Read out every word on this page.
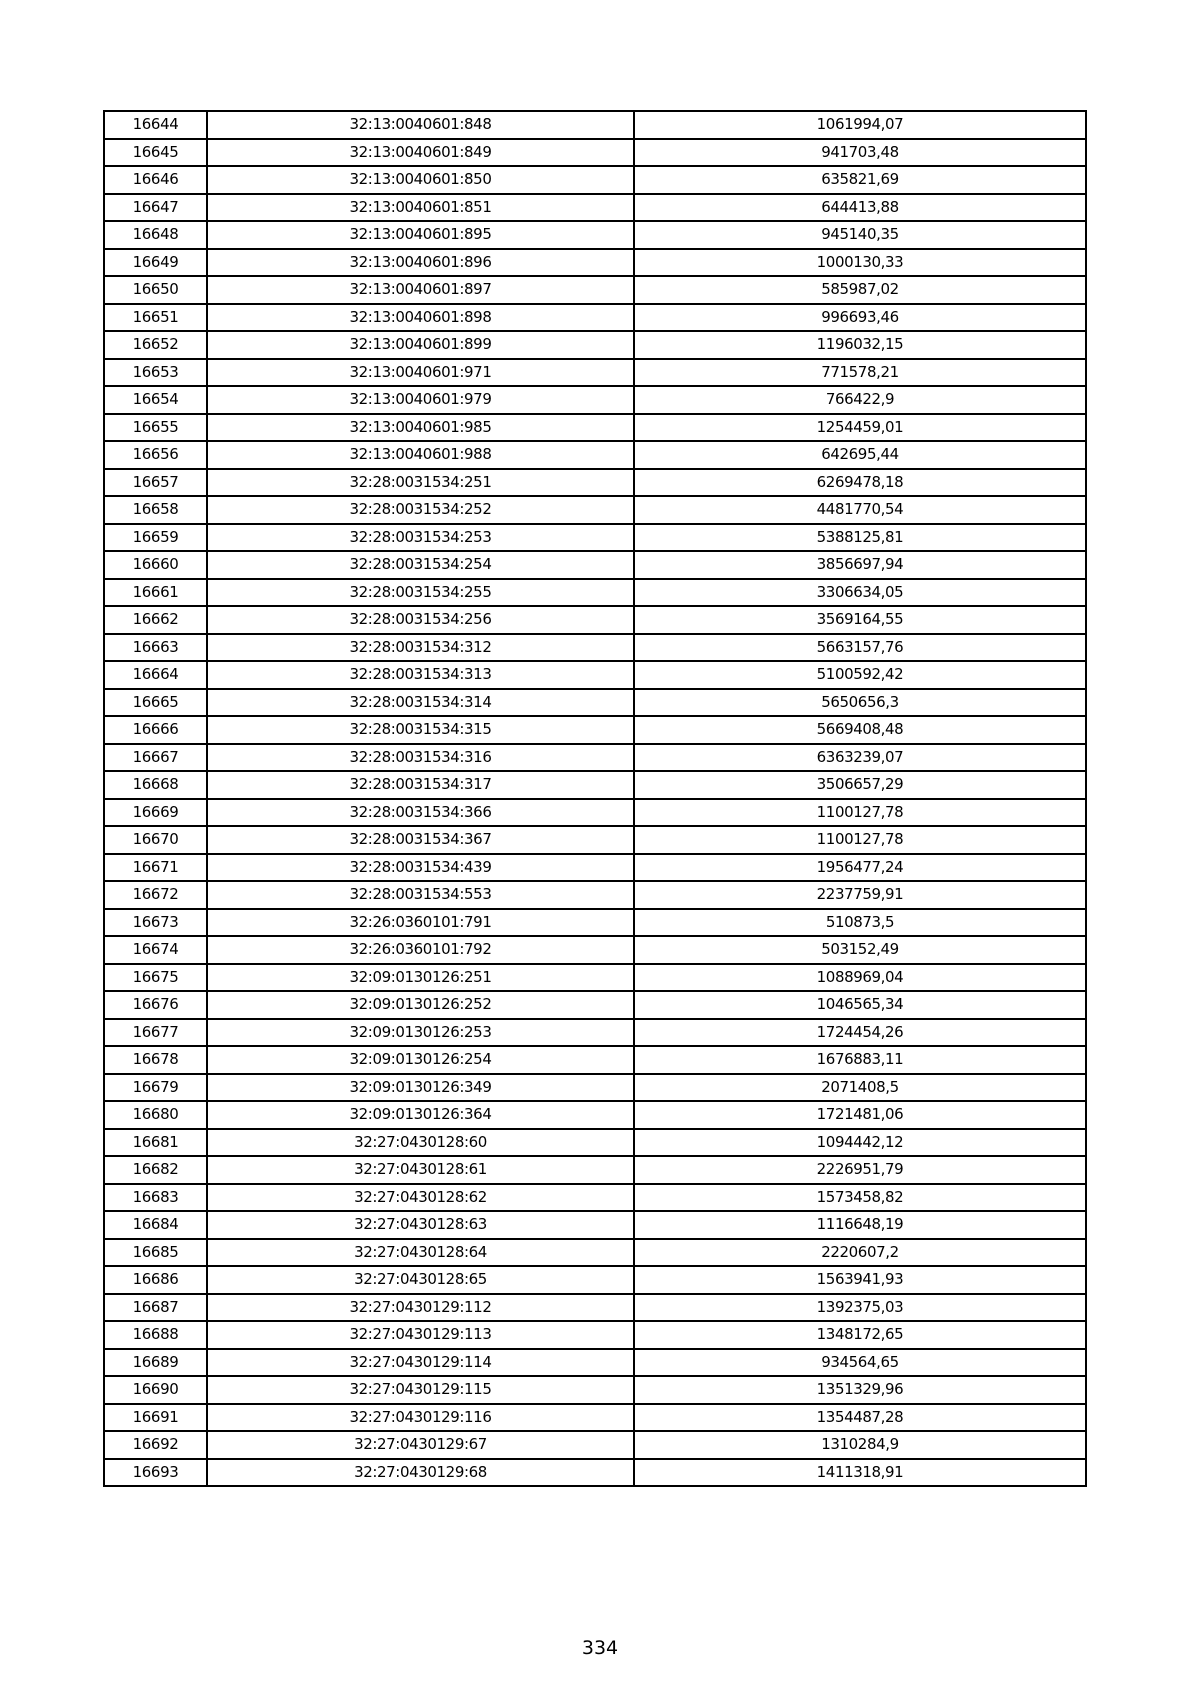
16644	32:13:0040601:848	1061994,07
16645	32:13:0040601:849	941703,48
16646	32:13:0040601:850	635821,69
16647	32:13:0040601:851	644413,88
16648	32:13:0040601:895	945140,35
16649	32:13:0040601:896	1000130,33
16650	32:13:0040601:897	585987,02
16651	32:13:0040601:898	996693,46
16652	32:13:0040601:899	1196032,15
16653	32:13:0040601:971	771578,21
16654	32:13:0040601:979	766422,9
16655	32:13:0040601:985	1254459,01
16656	32:13:0040601:988	642695,44
16657	32:28:0031534:251	6269478,18
16658	32:28:0031534:252	4481770,54
16659	32:28:0031534:253	5388125,81
16660	32:28:0031534:254	3856697,94
16661	32:28:0031534:255	3306634,05
16662	32:28:0031534:256	3569164,55
16663	32:28:0031534:312	5663157,76
16664	32:28:0031534:313	5100592,42
16665	32:28:0031534:314	5650656,3
16666	32:28:0031534:315	5669408,48
16667	32:28:0031534:316	6363239,07
16668	32:28:0031534:317	3506657,29
16669	32:28:0031534:366	1100127,78
16670	32:28:0031534:367	1100127,78
16671	32:28:0031534:439	1956477,24
16672	32:28:0031534:553	2237759,91
16673	32:26:0360101:791	510873,5
16674	32:26:0360101:792	503152,49
16675	32:09:0130126:251	1088969,04
16676	32:09:0130126:252	1046565,34
16677	32:09:0130126:253	1724454,26
16678	32:09:0130126:254	1676883,11
16679	32:09:0130126:349	2071408,5
16680	32:09:0130126:364	1721481,06
16681	32:27:0430128:60	1094442,12
16682	32:27:0430128:61	2226951,79
16683	32:27:0430128:62	1573458,82
16684	32:27:0430128:63	1116648,19
16685	32:27:0430128:64	2220607,2
16686	32:27:0430128:65	1563941,93
16687	32:27:0430129:112	1392375,03
16688	32:27:0430129:113	1348172,65
16689	32:27:0430129:114	934564,65
16690	32:27:0430129:115	1351329,96
16691	32:27:0430129:116	1354487,28
16692	32:27:0430129:67	1310284,9
16693	32:27:0430129:68	1411318,91
334
